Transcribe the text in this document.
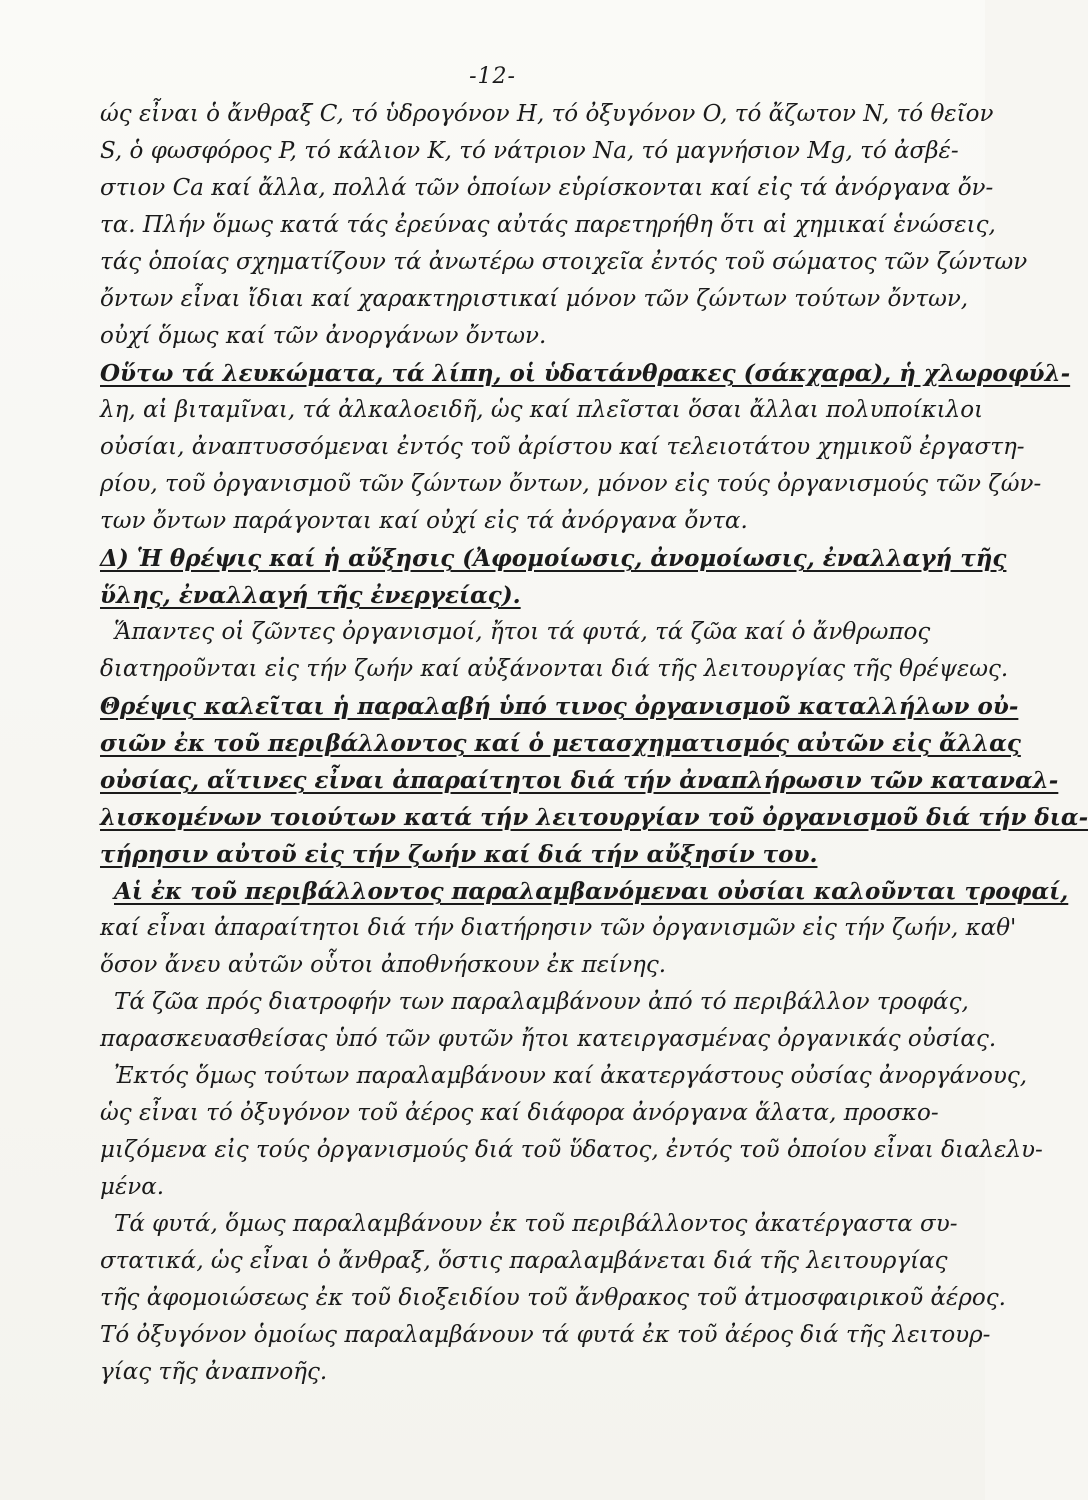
-12-
ώς εἶναι ὁ ἄνθραξ C, τό ὑδρογόνον H, τό ὀξυγόνον O, τό ἄζωτον N, τό θεῖον
S, ὁ φωσφόρος P, τό κάλιον K, τό νάτριον Na, τό μαγνήσιον Mg, τό ἀσβέ-
στιον Ca καί ἄλλα, πολλά τῶν ὁποίων εὑρίσκονται καί εἰς τά ἀνόργανα ὄν-
τα. Πλήν ὅμως κατά τάς ἐρεύνας αὐτάς παρετηρήθη ὅτι αἱ χημικαί ἑνώσεις,
τάς ὁποίας σχηματίζουν τά ἀνωτέρω στοιχεῖα ἐντός τοῦ σώματος τῶν ζώντων
ὄντων εἶναι ἴδιαι καί χαρακτηριστικαί μόνον τῶν ζώντων τούτων ὄντων,
οὐχί ὅμως καί τῶν ἀνοργάνων ὄντων.
Οὕτω τά λευκώματα, τά λίπη, οἱ ὑδατάνθρακες (σάκχαρα), ἡ χλωροφύλ-
λη, αἱ βιταμῖναι, τά ἀλκαλοειδῆ, ὡς καί πλεῖσται ὅσαι ἄλλαι πολυποίκιλοι
οὐσίαι, ἀναπτυσσόμεναι ἐντός τοῦ ἀρίστου καί τελειοτάτου χημικοῦ ἐργαστη-
ρίου, τοῦ ὀργανισμοῦ τῶν ζώντων ὄντων, μόνον εἰς τούς ὀργανισμούς τῶν ζών-
των ὄντων παράγονται καί οὐχί εἰς τά ἀνόργανα ὄντα.
Δ) Ἡ θρέψις καί ἡ αὔξησις (Ἀφομοίωσις, ἀνομοίωσις, ἐναλλαγή τῆς
ὕλης, ἐναλλαγή τῆς ἐνεργείας).
Ἅπαντες οἱ ζῶντες ὀργανισμοί, ἤτοι τά φυτά, τά ζῶα καί ὁ ἄνθρωπος
διατηροῦνται εἰς τήν ζωήν καί αὐξάνονται διά τῆς λειτουργίας τῆς θρέψεως.
Θρέψις καλεῖται ἡ παραλαβή ὑπό τινος ὀργανισμοῦ καταλλήλων οὐ-
σιῶν ἐκ τοῦ περιβάλλοντος καί ὁ μετασχηματισμός αὐτῶν εἰς ἄλλας
οὐσίας, αἵτινες εἶναι ἀπαραίτητοι διά τήν ἀναπλήρωσιν τῶν καταναλ-
λισκομένων τοιούτων κατά τήν λειτουργίαν τοῦ ὀργανισμοῦ διά τήν δια-
τήρησιν αὐτοῦ εἰς τήν ζωήν καί διά τήν αὔξησίν του.
Αἱ ἐκ τοῦ περιβάλλοντος παραλαμβανόμεναι οὐσίαι καλοῦνται τροφαί,
καί εἶναι ἀπαραίτητοι διά τήν διατήρησιν τῶν ὀργανισμῶν εἰς τήν ζωήν, καθ'
ὅσον ἄνευ αὐτῶν οὗτοι ἀποθνήσκουν ἐκ πείνης.
Τά ζῶα πρός διατροφήν των παραλαμβάνουν ἀπό τό περιβάλλον τροφάς,
παρασκευασθείσας ὑπό τῶν φυτῶν ἤτοι κατειργασμένας ὀργανικάς οὐσίας.
Ἐκτός ὅμως τούτων παραλαμβάνουν καί ἀκατεργάστους οὐσίας ἀνοργάνους,
ὡς εἶναι τό ὀξυγόνον τοῦ ἀέρος καί διάφορα ἀνόργανα ἅλατα, προσκο-
μιζόμενα εἰς τούς ὀργανισμούς διά τοῦ ὕδατος, ἐντός τοῦ ὁποίου εἶναι διαλελυ-
μένα.
Τά φυτά, ὅμως παραλαμβάνουν ἐκ τοῦ περιβάλλοντος ἀκατέργαστα συ-
στατικά, ὡς εἶναι ὁ ἄνθραξ, ὅστις παραλαμβάνεται διά τῆς λειτουργίας
τῆς ἀφομοιώσεως ἐκ τοῦ διοξειδίου τοῦ ἄνθρακος τοῦ ἀτμοσφαιρικοῦ ἀέρος.
Τό ὀξυγόνον ὁμοίως παραλαμβάνουν τά φυτά ἐκ τοῦ ἀέρος διά τῆς λειτουρ-
γίας τῆς ἀναπνοῆς.
